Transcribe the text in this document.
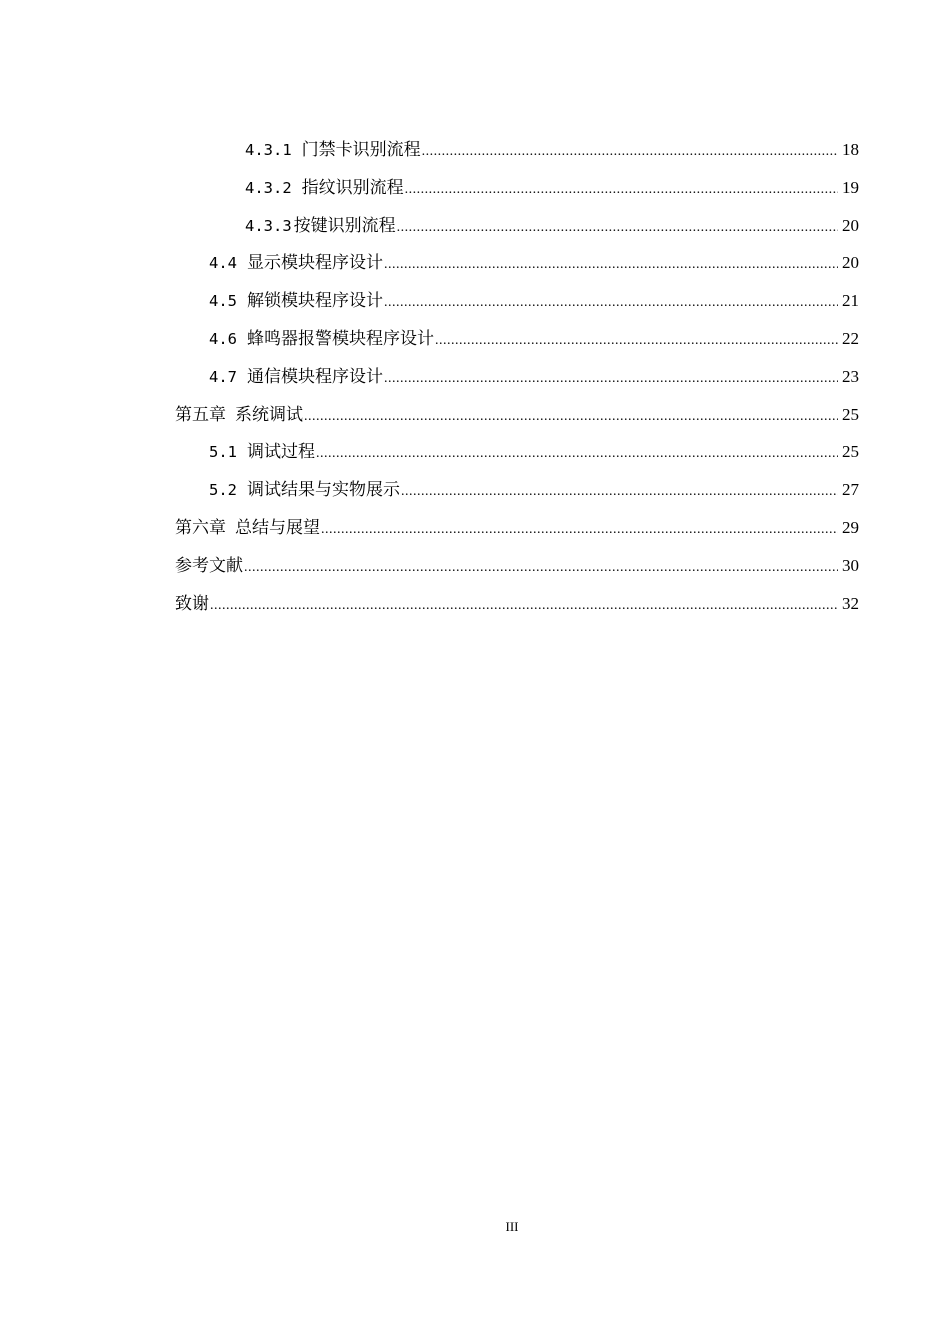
4.3.1 门禁卡识别流程 .....	18
4.3.2 指纹识别流程 .....	19
4.3.3 按键识别流程 .....	20
4.4 显示模块程序设计 .....	20
4.5 解锁模块程序设计 .....	21
4.6 蜂鸣器报警模块程序设计 .....	22
4.7 通信模块程序设计 .....	23
第五章 系统调试 .....	25
5.1 调试过程 .....	25
5.2 调试结果与实物展示 .....	27
第六章 总结与展望 .....	29
参考文献 .....	30
致谢 .....	32
III
